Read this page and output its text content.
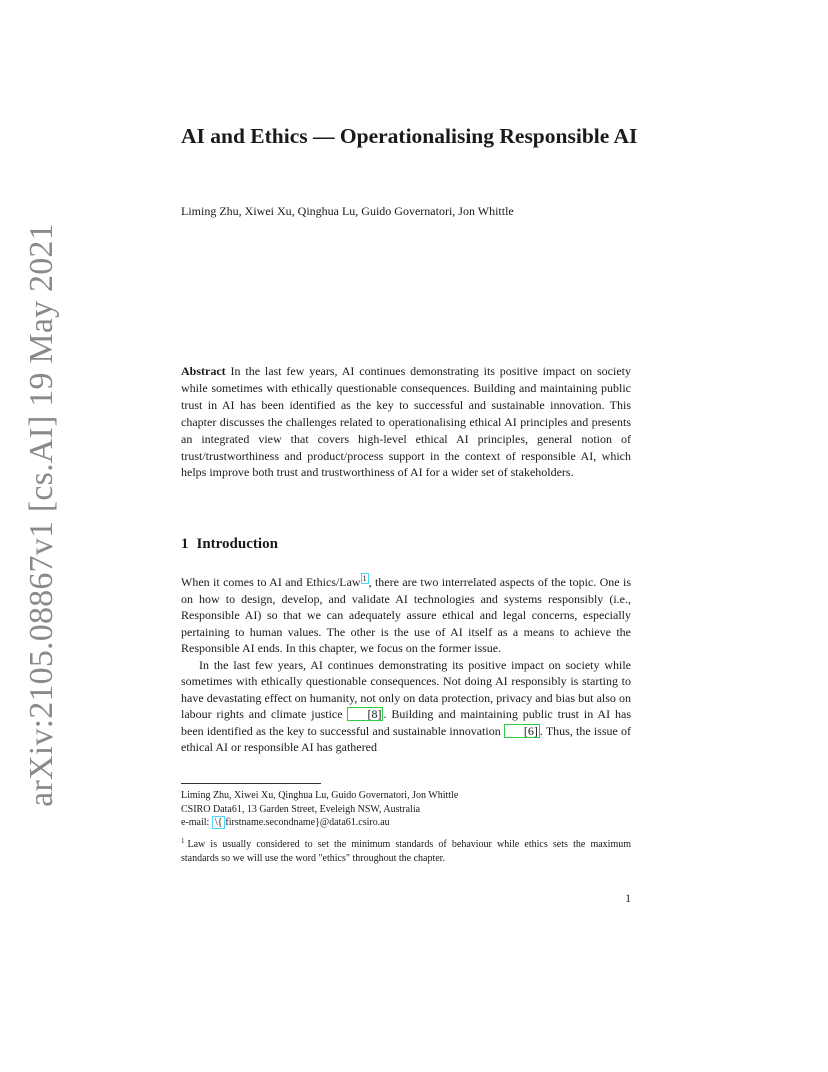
arXiv:2105.08867v1 [cs.AI] 19 May 2021
AI and Ethics — Operationalising Responsible AI
Liming Zhu, Xiwei Xu, Qinghua Lu, Guido Governatori, Jon Whittle

Abstract In the last few years, AI continues demonstrating its positive impact on society while sometimes with ethically questionable consequences. Building and maintaining public trust in AI has been identified as the key to successful and sustainable innovation. This chapter discusses the challenges related to operationalising ethical AI principles and presents an integrated view that covers high-level ethical AI principles, general notion of trust/trustworthiness and product/process support in the context of responsible AI, which helps improve both trust and trustworthiness of AI for a wider set of stakeholders.

1 Introduction

When it comes to AI and Ethics/Law $^1$ , there are two interrelated aspects of the topic. One is on how to design, develop, and validate AI technologies and systems responsibly (i.e., Responsible AI) so that we can adequately assure ethical and legal concerns, especially pertaining to human values. The other is the use of AI itself as a means to achieve the Responsible AI ends. In this chapter, we focus on the former issue.

In the last few years, AI continues demonstrating its positive impact on society while sometimes with ethically questionable consequences. Not doing AI responsibly is starting to have devastating effect on humanity, not only on data protection, privacy and bias but also on labour rights and climate justice [8] . Building and maintaining public trust in AI has been identified as the key to successful and sustainable innovation [6] . Thus, the issue of ethical AI or responsible AI has gathered

Liming Zhu, Xiwei Xu, Qinghua Lu, Guido Governatori, Jon Whittle
CSIRO Data61, 13 Garden Street, Eveleigh NSW, Australia
e-mail: \{ firstname.secondname}@data61.csiro.au
$^1$ Law is usually considered to set the minimum standards of behaviour while ethics sets the maximum standards so we will use the word "ethics" throughout the chapter.
1
